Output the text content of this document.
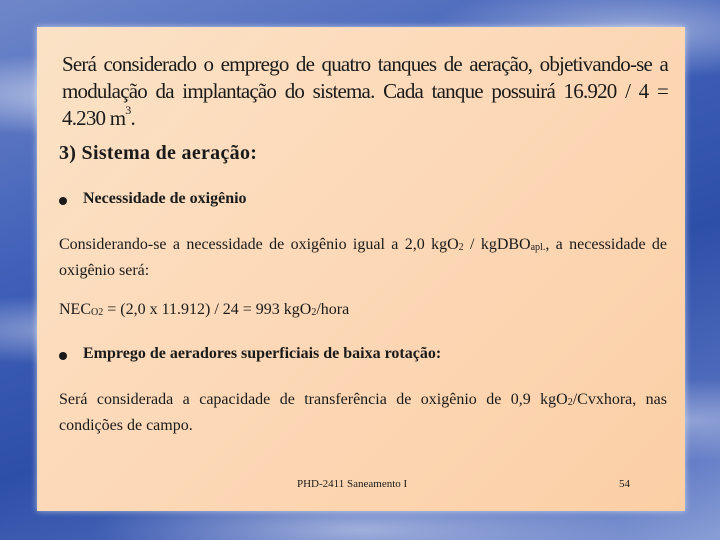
Será considerado o emprego de quatro tanques de aeração, objetivando-se a modulação da implantação do sistema. Cada tanque possuirá 16.920 / 4 = 4.230 $m^3$.

3) Sistema de aeração:

Necessidade de oxigênio

Considerando-se a necessidade de oxigênio igual a 2,0 kgO2 / kgDBOapl., a necessidade de oxigênio será:

NECO2 = (2,0 x 11.912) / 24 = 993 kgO2/hora

Emprego de aeradores superficiais de baixa rotação:

Será considerada a capacidade de transferência de oxigênio de 0,9 kgO2/Cvxhora, nas condições de campo.

PHD-2411 Saneamento I	54
